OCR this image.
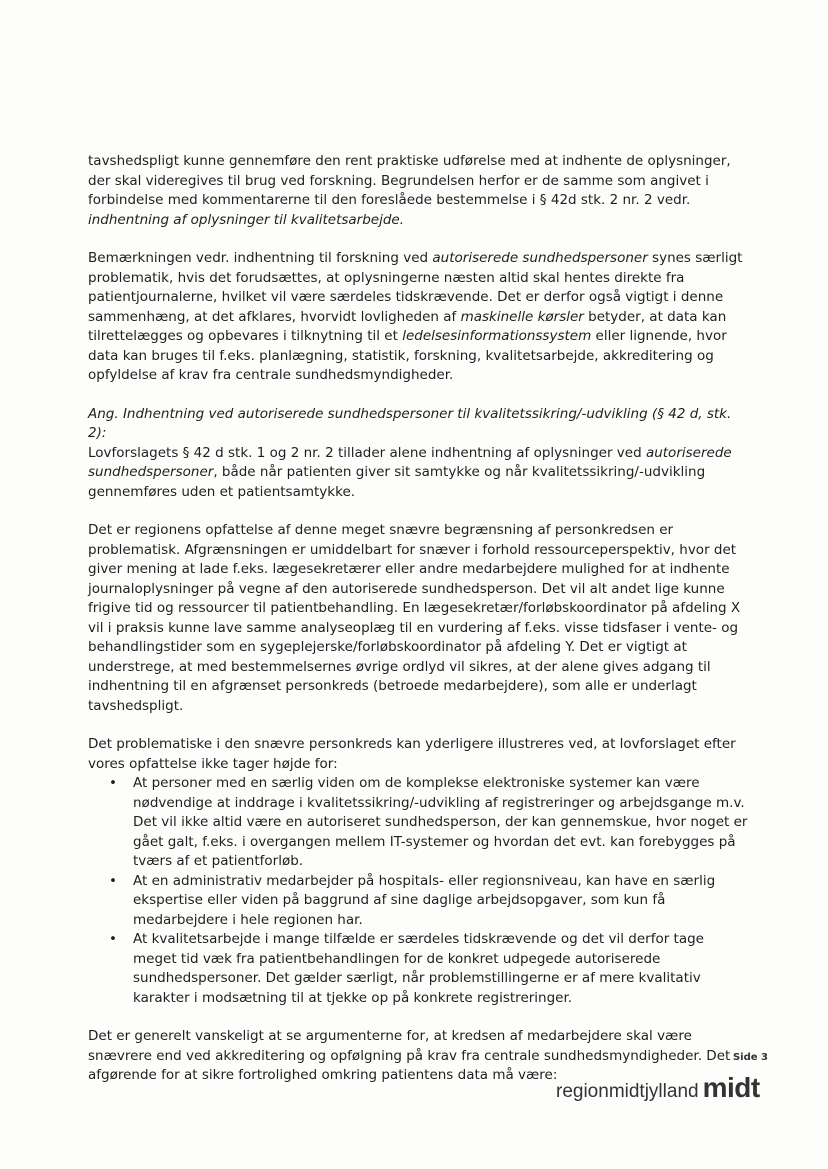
tavshedspligt kunne gennemføre den rent praktiske udførelse med at indhente de oplysninger, der skal videregives til brug ved forskning. Begrundelsen herfor er de samme som angivet i forbindelse med kommentarerne til den foreslåede bestemmelse i § 42d stk. 2 nr. 2 vedr. indhentning af oplysninger til kvalitetsarbejde.

Bemærkningen vedr. indhentning til forskning ved autoriserede sundhedspersoner synes særligt problematik, hvis det forudsættes, at oplysningerne næsten altid skal hentes direkte fra patientjournalerne, hvilket vil være særdeles tidskrævende. Det er derfor også vigtigt i denne sammenhæng, at det afklares, hvorvidt lovligheden af maskinelle kørsler betyder, at data kan tilrettelægges og opbevares i tilknytning til et ledelsesinformationssystem eller lignende, hvor data kan bruges til f.eks. planlægning, statistik, forskning, kvalitetsarbejde, akkreditering og opfyldelse af krav fra centrale sundhedsmyndigheder.

Ang. Indhentning ved autoriserede sundhedspersoner til kvalitetssikring/-udvikling (§ 42 d, stk. 2):

Lovforslagets § 42 d stk. 1 og 2 nr. 2 tillader alene indhentning af oplysninger ved autoriserede sundhedspersoner, både når patienten giver sit samtykke og når kvalitetssikring/-udvikling gennemføres uden et patientsamtykke.

Det er regionens opfattelse af denne meget snævre begrænsning af personkredsen er problematisk. Afgrænsningen er umiddelbart for snæver i forhold ressourceperspektiv, hvor det giver mening at lade f.eks. lægesekretærer eller andre medarbejdere mulighed for at indhente journaloplysninger på vegne af den autoriserede sundhedsperson. Det vil alt andet lige kunne frigive tid og ressourcer til patientbehandling. En lægesekretær/forløbskoordinator på afdeling X vil i praksis kunne lave samme analyseoplæg til en vurdering af f.eks. visse tidsfaser i vente- og behandlingstider som en sygeplejerske/forløbskoordinator på afdeling Y. Det er vigtigt at understrege, at med bestemmelsernes øvrige ordlyd vil sikres, at der alene gives adgang til indhentning til en afgrænset personkreds (betroede medarbejdere), som alle er underlagt tavshedspligt.

Det problematiske i den snævre personkreds kan yderligere illustreres ved, at lovforslaget efter vores opfattelse ikke tager højde for:

• At personer med en særlig viden om de komplekse elektroniske systemer kan være nødvendige at inddrage i kvalitetssikring/-udvikling af registreringer og arbejdsgange m.v. Det vil ikke altid være en autoriseret sundhedsperson, der kan gennemskue, hvor noget er gået galt, f.eks. i overgangen mellem IT-systemer og hvordan det evt. kan forebygges på tværs af et patientforløb.
• At en administrativ medarbejder på hospitals- eller regionsniveau, kan have en særlig ekspertise eller viden på baggrund af sine daglige arbejdsopgaver, som kun få medarbejdere i hele regionen har.
• At kvalitetsarbejde i mange tilfælde er særdeles tidskrævende og det vil derfor tage meget tid væk fra patientbehandlingen for de konkret udpegede autoriserede sundhedspersoner. Det gælder særligt, når problemstillingerne er af mere kvalitativ karakter i modsætning til at tjekke op på konkrete registreringer.

Det er generelt vanskeligt at se argumenterne for, at kredsen af medarbejdere skal være snævrere end ved akkreditering og opfølgning på krav fra centrale sundhedsmyndigheder. Det afgørende for at sikre fortrolighed omkring patientens data må være:

Side 3
regionmidtjylland midt
